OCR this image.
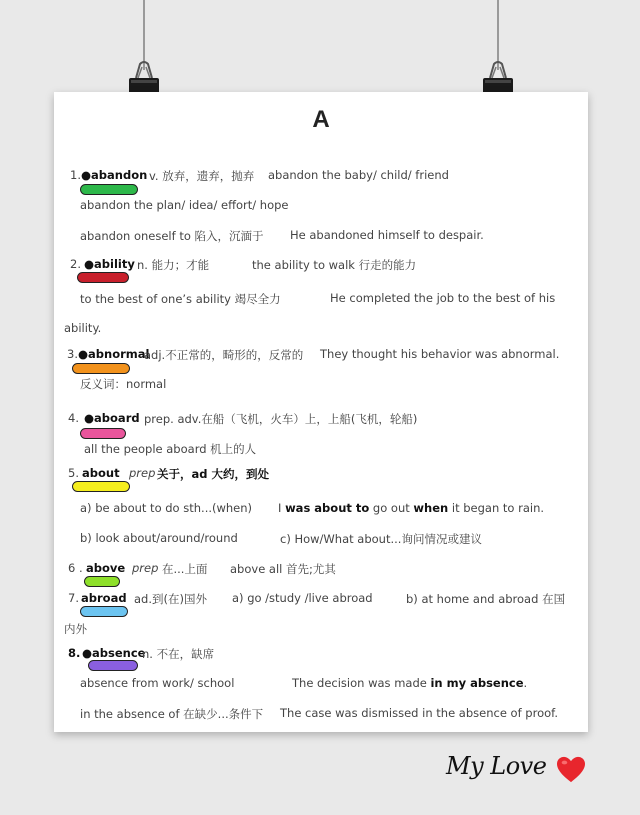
A
1. ●abandon v. 放弃，遗弃，抛弃 abandon the baby/ child/ friend
abandon the plan/ idea/ effort/ hope
abandon oneself to 陷入，沉湎于 He abandoned himself to despair.
2. ●ability n. 能力；才能	the ability to walk 行走的能力
to the best of one’s ability 竭尽全力	He completed the job to the best of his
ability.
3. ●abnormal
adj.不正常的，畸形的，反常的 They thought his behavior was abnormal.
反义词：normal
4. ●aboard prep. adv.在船（飞机，火车）上，上船(飞机，轮船)
all the people aboard 机上的人
5. about prep 关于，ad 大约，到处
a) be about to do sth...(when) I was about to go out when it began to rain.
b) look about/around/round	c) How/What about...询问情况或建议
6 . above prep 在...上面 above all 首先;尤其
7. abroad ad.到(在)国外 a) go /study /live abroad	b) at home and abroad 在国
内外
8. ●absence
n. 不在，缺席
absence from work/ school	The decision was made in my absence.
in the absence of 在缺少...条件下 The case was dismissed in the absence of proof.
My Love
